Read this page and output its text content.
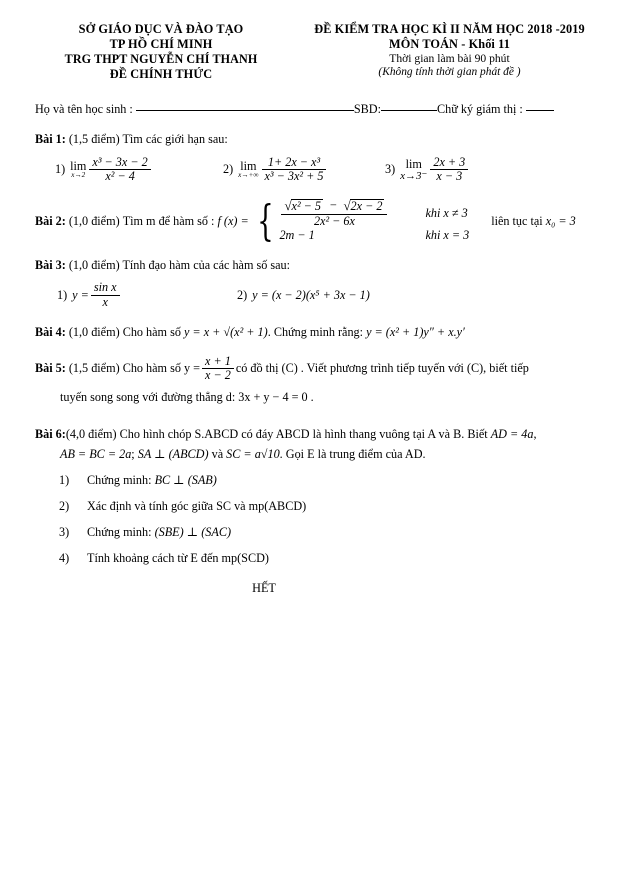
SỞ GIÁO DỤC VÀ ĐÀO TẠO
TP HỒ CHÍ MINH
TRG THPT NGUYỄN CHÍ THANH
ĐỀ CHÍNH THỨC
ĐỀ KIỂM TRA HỌC KÌ II NĂM HỌC 2018 -2019
MÔN TOÁN - Khối 11
Thời gian làm bài 90 phút
(Không tính thời gian phát đề )
Họ và tên học sinh :	SBD:	Chữ ký giám thị :
Bài 1: (1,5 điểm) Tìm các giới hạn sau:
1) lim
$x\to 2 \frac{\text{x³ − 3x − 2}}{\text{x² − 4}}$	2) lim
$x\to+\infty \frac{\text{1+ 2x − x³}}{\text{x³ − 3x² + 5}}$	3) lim
$x\to 3^- \frac{2x + 3}{x - 3}$
Bài 2:
(1,0 điểm)
Tìm m để hàm số :
f (x) = { $\frac{\text{√x² − 5  −  √2x − 2}}{\text{2x² − 6x}}$	khi x ≠ 3
2m − 1	khi x = 3
liên tục tại
x₀ = 3
Bài 3: (1,0 điểm) Tính đạo hàm của các hàm số sau:
1) $y = \frac{\text{sin x}}{x}$	2) y = (x − 2)(x⁵ + 3x − 1)
Bài 4: (1,0 điểm) Cho hàm số y = x + √(x² + 1). Chứng minh rằng: y = (x² + 1)y″ + x.y′
Bài 5:
(1,5 điểm)
Cho hàm số $y = \frac{x + 1}{x - 2}$ có đồ thị (C) . Viết phương trình tiếp tuyến với (C), biết tiếp
tuyến song song với đường thẳng d: 3x + y − 4 = 0 .
Bài 6:(4,0 điểm) Cho hình chóp S.ABCD có đáy ABCD là hình thang vuông tại A và B. Biết AD = 4a,
AB = BC = 2a; SA ⊥ (ABCD) và SC = a√10. Gọi E là trung điểm của AD.
1)	Chứng minh: BC ⊥ (SAB)
2)	Xác định và tính góc giữa SC và mp(ABCD)
3)	Chứng minh: (SBE) ⊥ (SAC)
4)	Tính khoảng cách từ E đến mp(SCD)
HẾT
